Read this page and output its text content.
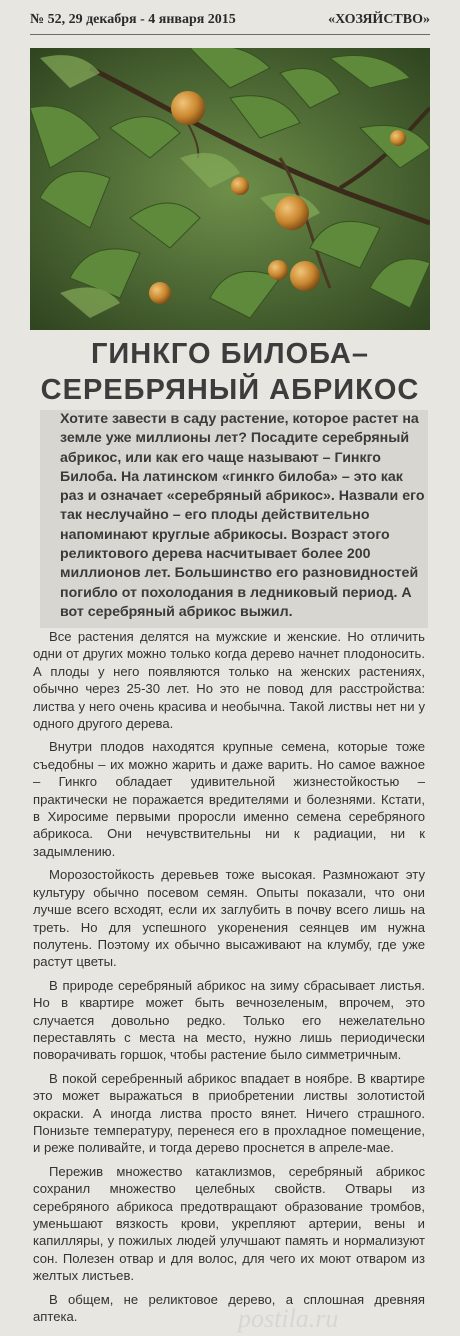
№ 52, 29 декабря - 4 января 2015	«ХОЗЯЙСТВО»
ГИНКГО БИЛОБА–
СЕРЕБРЯНЫЙ АБРИКОС

Хотите завести в саду растение, которое растет на земле уже миллионы лет? Посадите серебряный абрикос, или как его чаще называют – Гинкго Билоба. На латинском «гинкго билоба» – это как раз и означает «серебряный абрикос». Назвали его так неслучайно – его плоды действительно напоминают круглые абрикосы. Возраст этого реликтового дерева насчитывает более 200 миллионов лет. Большинство его разновидностей погибло от похолодания в ледниковый период. А вот серебряный абрикос выжил.

Все растения делятся на мужские и женские. Но отличить одни от других можно только когда дерево начнет плодоносить. А плоды у него появляются только на женских растениях, обычно через 25-30 лет. Но это не повод для расстройства: листва у него очень красива и необычна. Такой листвы нет ни у одного другого дерева.

Внутри плодов находятся крупные семена, которые тоже съедобны – их можно жарить и даже варить. Но самое важное – Гинкго обладает удивительной жизнестойкостью – практически не поражается вредителями и болезнями. Кстати, в Хиросиме первыми проросли именно семена серебряного абрикоса. Они нечувствительны ни к радиации, ни к задымлению.

Морозостойкость деревьев тоже высокая. Размножают эту культуру обычно посевом семян. Опыты показали, что они лучше всего всходят, если их заглубить в почву всего лишь на треть. Но для успешного укоренения сеянцев им нужна полутень. Поэтому их обычно высаживают на клумбу, где уже растут цветы.

В природе серебряный абрикос на зиму сбрасывает листья. Но в квартире может быть вечнозеленым, впрочем, это случается довольно редко. Только его нежелательно переставлять с места на место, нужно лишь периодически поворачивать горшок, чтобы растение было симметричным.

В покой серебренный абрикос впадает в ноябре. В квартире это может выражаться в приобретении листвы золотистой окраски. А иногда листва просто вянет. Ничего страшного. Понизьте температуру, перенеся его в прохладное помещение, и реже поливайте, и тогда дерево проснется в апреле-мае.

Пережив множество катаклизмов, серебряный абрикос сохранил множество целебных свойств. Отвары из серебряного абрикоса предотвращают образование тромбов, уменьшают вязкость крови, укрепляют артерии, вены и капилляры, у пожилых людей улучшают память и нормализуют сон. Полезен отвар и для волос, для чего их моют отваром из желтых листьев.

В общем, не реликтовое дерево, а сплошная древняя аптека.	postila.ru
